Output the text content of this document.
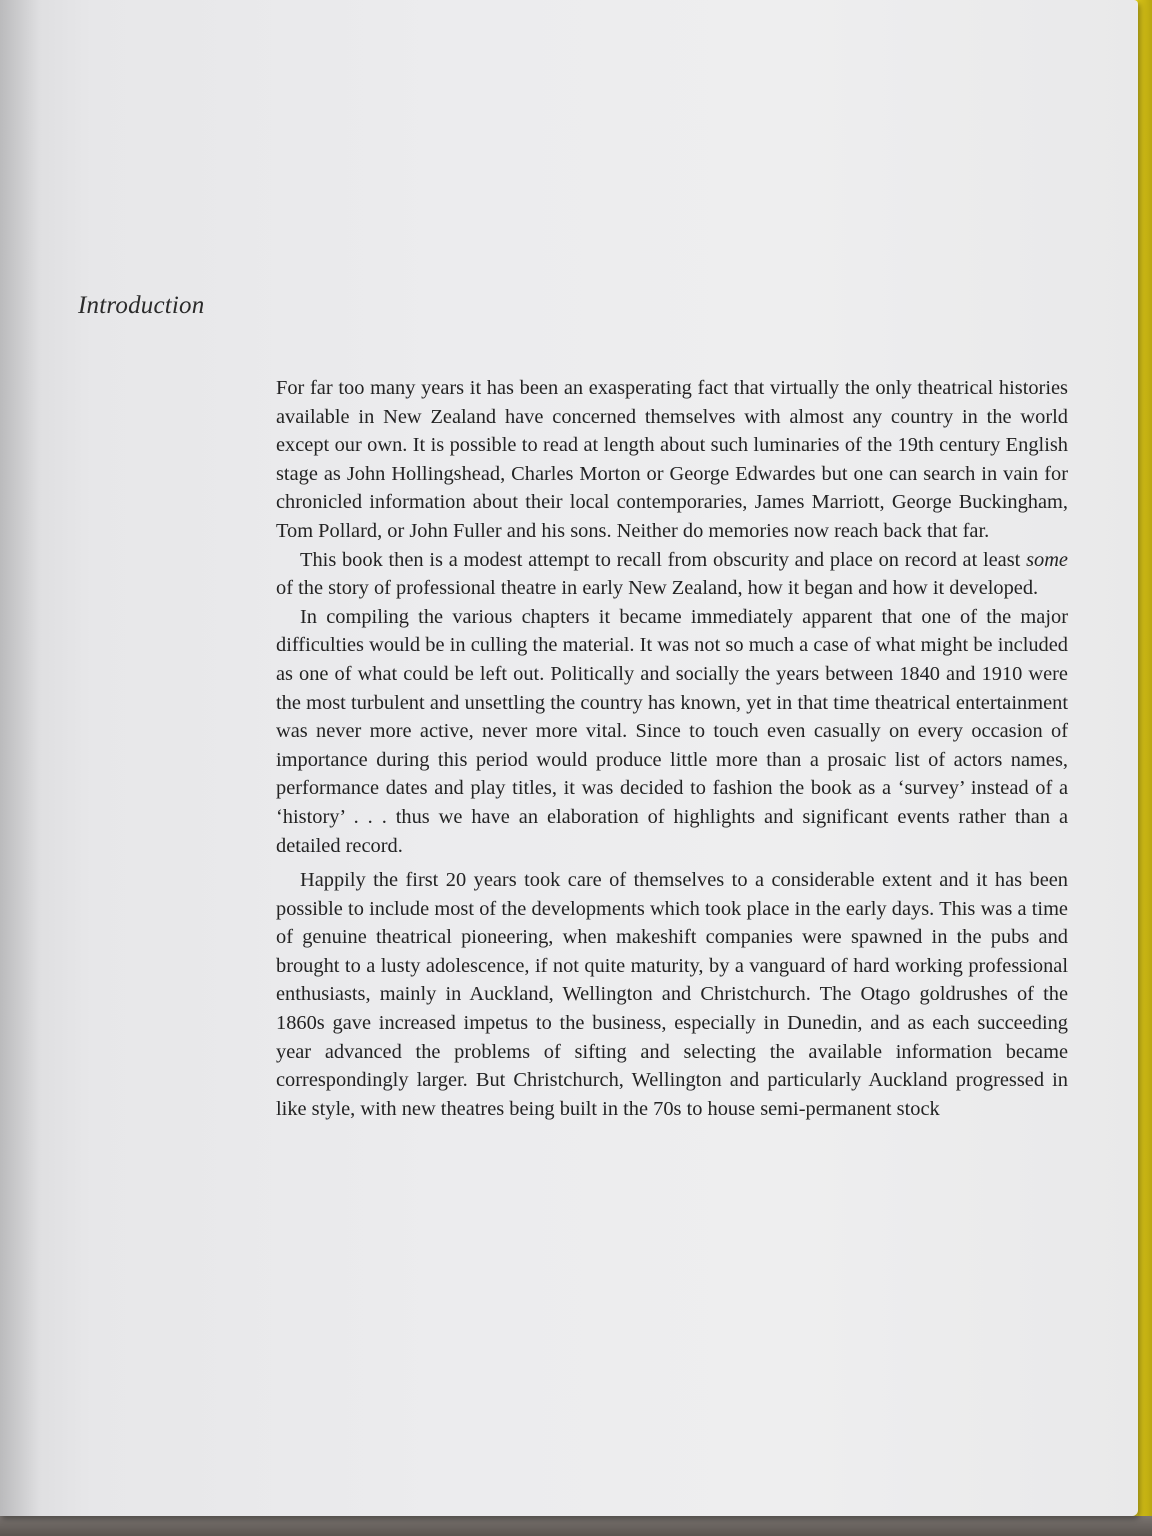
Introduction

For far too many years it has been an exasperating fact that virtually the only theatrical histories available in New Zealand have concerned themselves with almost any country in the world except our own. It is possible to read at length about such luminaries of the 19th century English stage as John Hollingshead, Charles Morton or George Edwardes but one can search in vain for chronicled information about their local contemporaries, James Marriott, George Buckingham, Tom Pollard, or John Fuller and his sons. Neither do memories now reach back that far.

This book then is a modest attempt to recall from obscurity and place on record at least some of the story of professional theatre in early New Zealand, how it began and how it developed.

In compiling the various chapters it became immediately apparent that one of the major difficulties would be in culling the material. It was not so much a case of what might be included as one of what could be left out. Politically and socially the years between 1840 and 1910 were the most turbulent and unsettling the country has known, yet in that time theatrical entertainment was never more active, never more vital. Since to touch even casually on every occasion of importance during this period would produce little more than a prosaic list of actors names, performance dates and play titles, it was decided to fashion the book as a ‘survey’ instead of a ‘history’ . . . thus we have an elaboration of highlights and significant events rather than a detailed record.

Happily the first 20 years took care of themselves to a considerable extent and it has been possible to include most of the developments which took place in the early days. This was a time of genuine theatrical pioneering, when makeshift companies were spawned in the pubs and brought to a lusty adolescence, if not quite maturity, by a vanguard of hard working professional enthusiasts, mainly in Auckland, Wellington and Christchurch. The Otago goldrushes of the 1860s gave increased impetus to the business, especially in Dunedin, and as each succeeding year advanced the problems of sifting and selecting the available information became correspondingly larger. But Christchurch, Wellington and particularly Auckland progressed in like style, with new theatres being built in the 70s to house semi-permanent stock
